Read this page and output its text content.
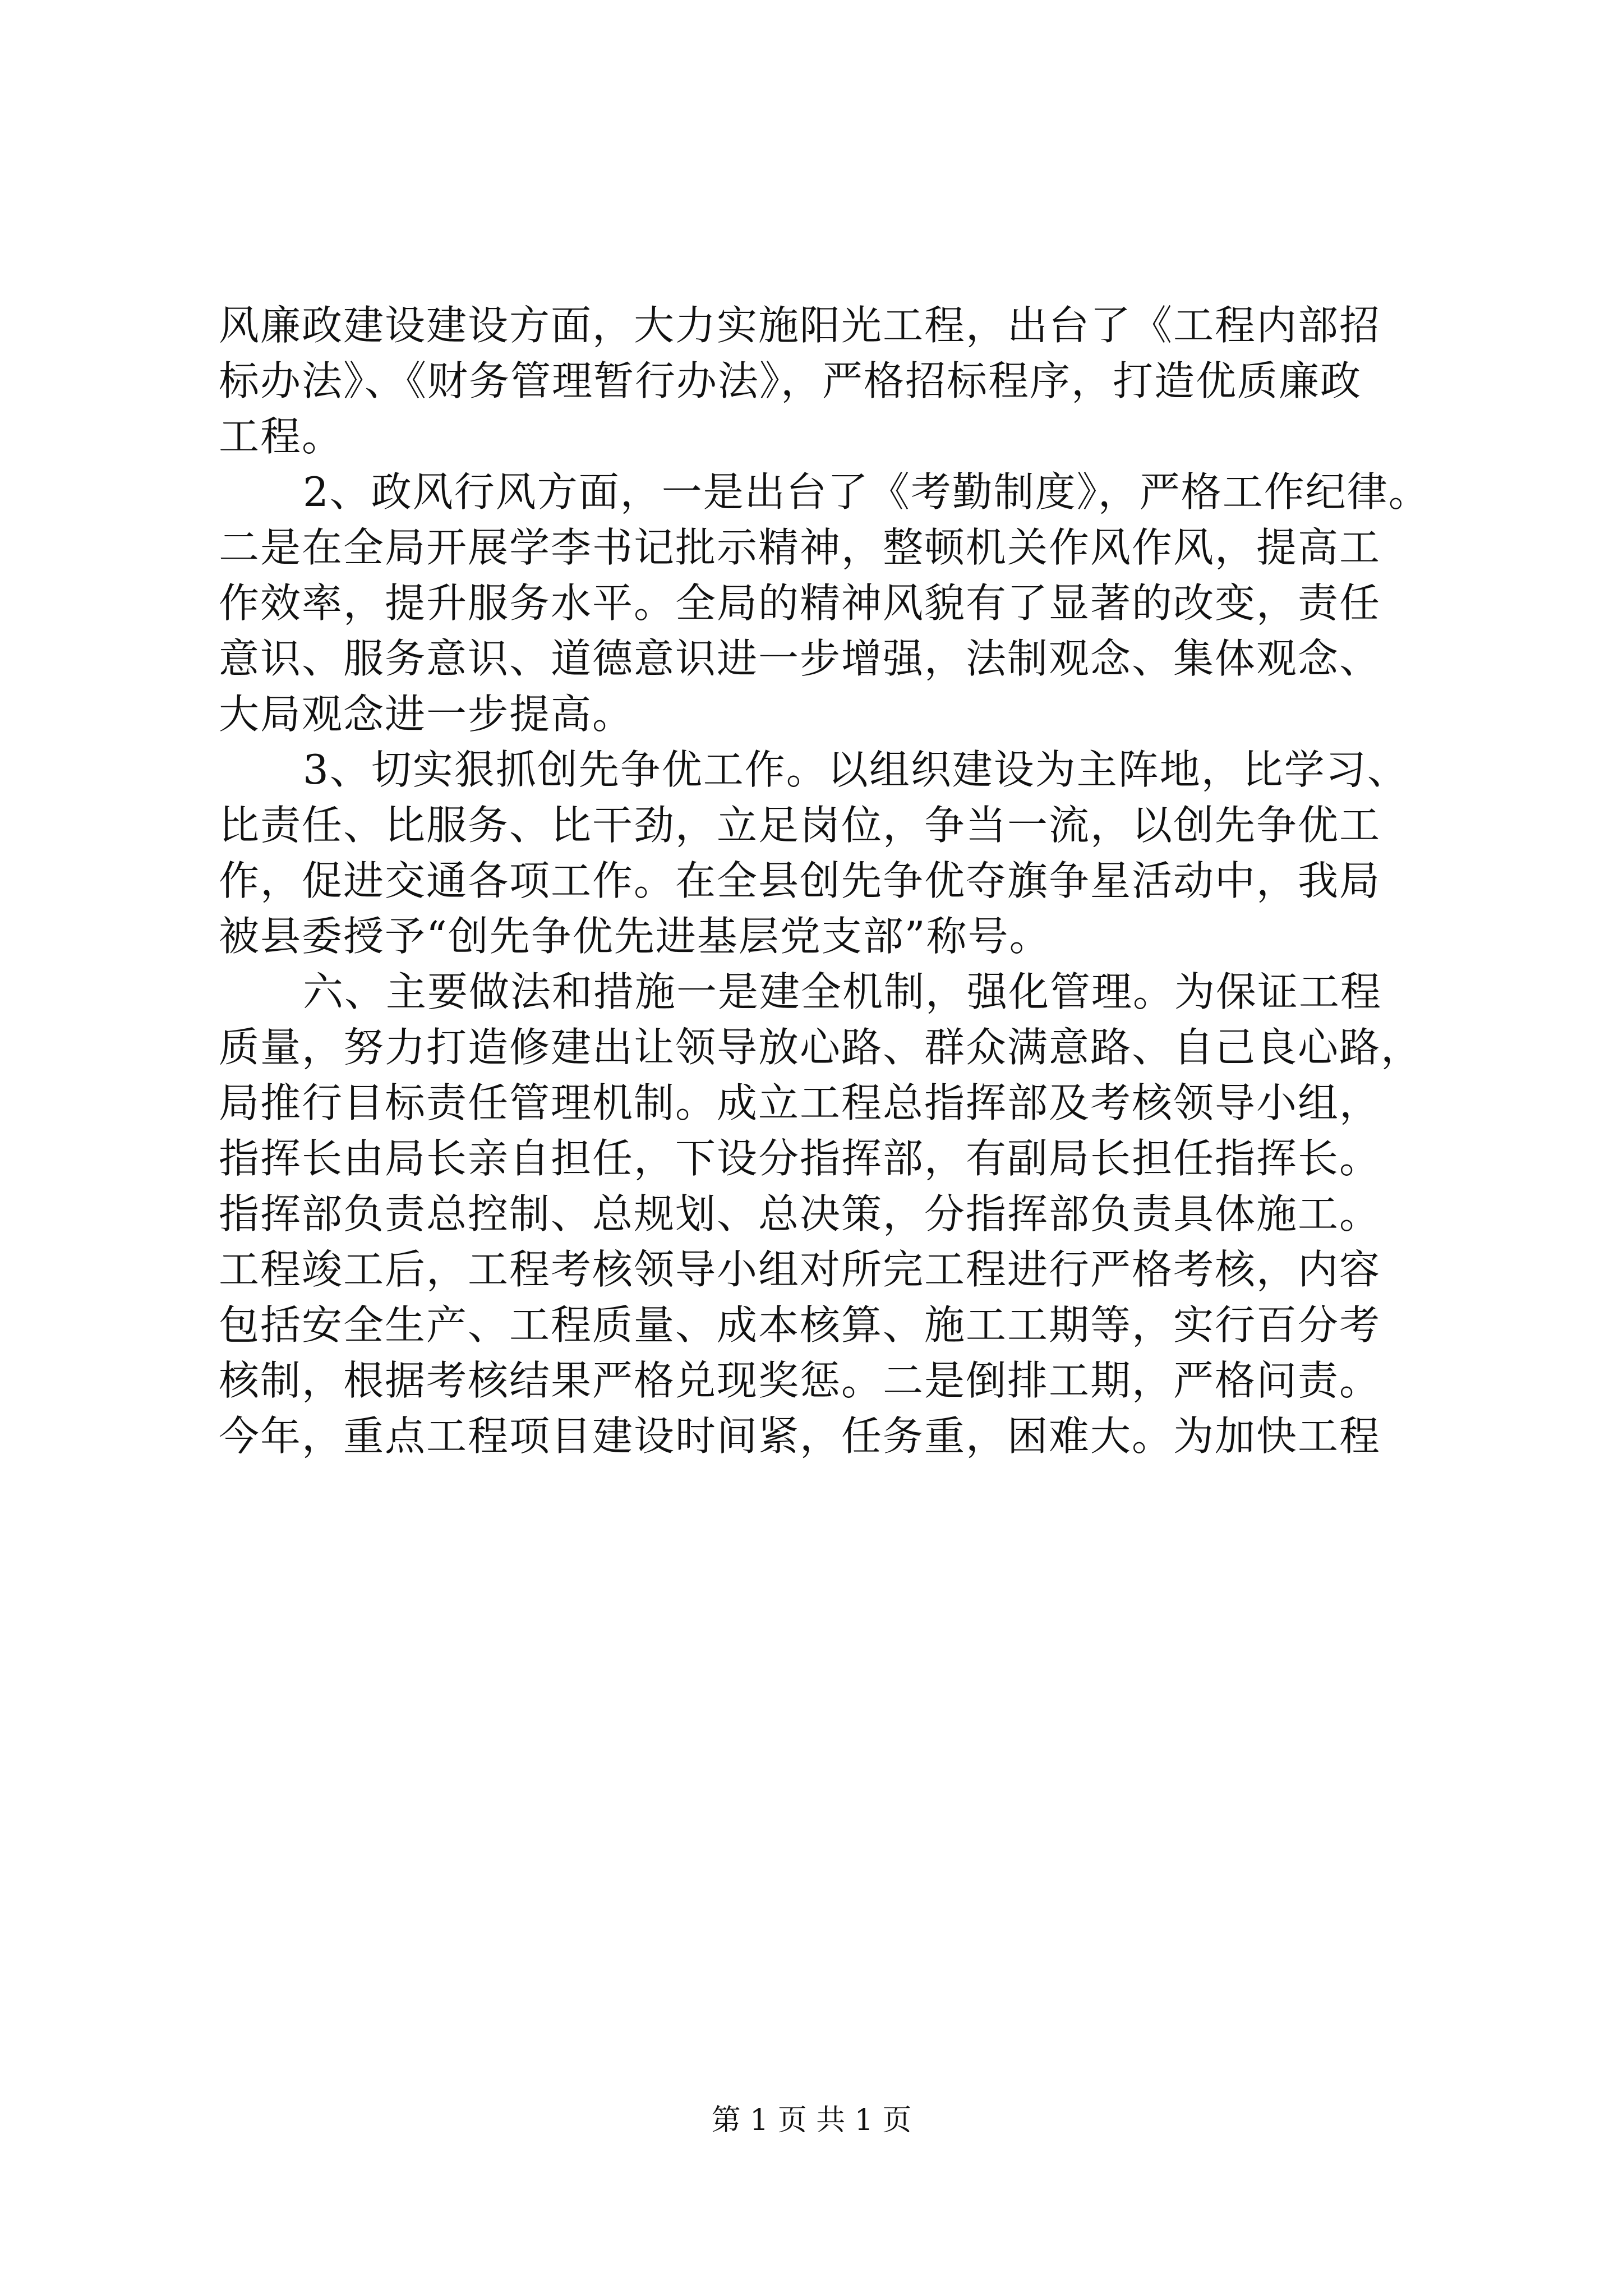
风廉政建设建设方面，大力实施阳光工程，出台了《工程内部招
标办法》、《财务管理暂行办法》，严格招标程序，打造优质廉政
工程。
2、政风行风方面，一是出台了《考勤制度》，严格工作纪律。
二是在全局开展学李书记批示精神，整顿机关作风作风，提高工
作效率，提升服务水平。全局的精神风貌有了显著的改变，责任
意识、服务意识、道德意识进一步增强，法制观念、集体观念、
大局观念进一步提高。
3、切实狠抓创先争优工作。以组织建设为主阵地，比学习、
比责任、比服务、比干劲，立足岗位，争当一流，以创先争优工
作，促进交通各项工作。在全县创先争优夺旗争星活动中，我局
被县委授予“创先争优先进基层党支部”称号。
六、主要做法和措施一是建全机制，强化管理。为保证工程
质量，努力打造修建出让领导放心路、群众满意路、自己良心路，
局推行目标责任管理机制。成立工程总指挥部及考核领导小组，
指挥长由局长亲自担任，下设分指挥部，有副局长担任指挥长。
指挥部负责总控制、总规划、总决策，分指挥部负责具体施工。
工程竣工后，工程考核领导小组对所完工程进行严格考核，内容
包括安全生产、工程质量、成本核算、施工工期等，实行百分考
核制，根据考核结果严格兑现奖惩。二是倒排工期，严格问责。
今年，重点工程项目建设时间紧，任务重，困难大。为加快工程
第 1 页 共 1 页
